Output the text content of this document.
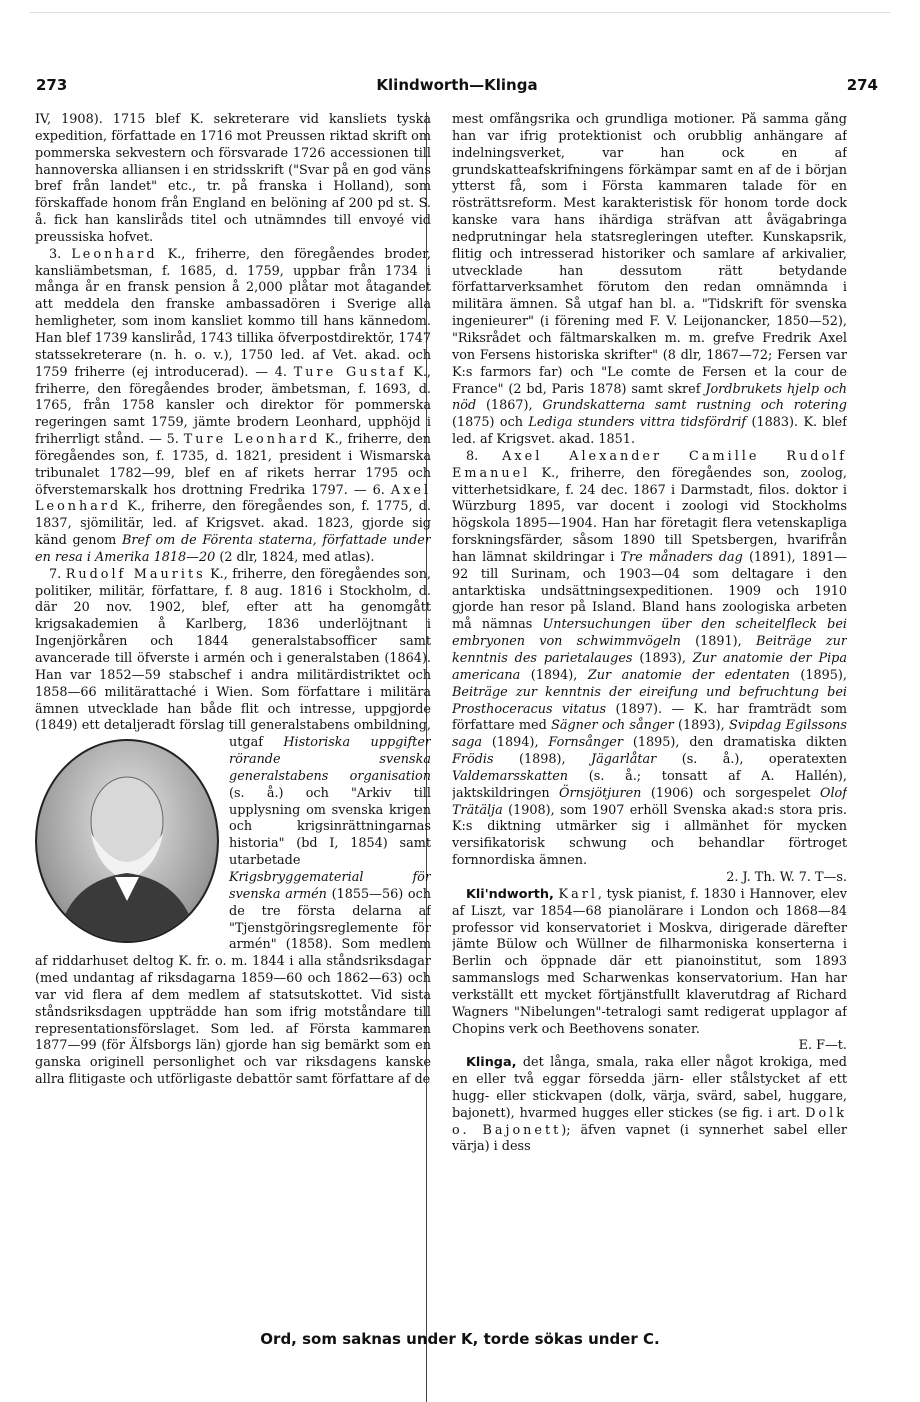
273	Klindworth—Klinga	274

IV, 1908). 1715 blef K. sekreterare vid kansliets tyska expedition, författade en 1716 mot Preussen riktad skrift om pommerska sekvestern och försvarade 1726 accessionen till hannoverska alliansen i en stridsskrift ("Svar på en god väns bref från landet" etc., tr. på franska i Holland), som förskaffade honom från England en belöning af 200 pd st. S. å. fick han kansliråds titel och utnämndes till envoyé vid preussiska hofvet.

3. Leonhard K., friherre, den föregåendes broder, kansliämbetsman, f. 1685, d. 1759, uppbar från 1734 i många år en fransk pension å 2,000 plåtar mot åtagandet att meddela den franske ambassadören i Sverige alla hemligheter, som inom kansliet kommo till hans kännedom. Han blef 1739 kansliråd, 1743 tillika öfverpostdirektör, 1747 statssekreterare (n. h. o. v.), 1750 led. af Vet. akad. och 1759 friherre (ej introducerad). — 4. Ture Gustaf K., friherre, den föregåendes broder, ämbetsman, f. 1693, d. 1765, från 1758 kansler och direktor för pommerska regeringen samt 1759, jämte brodern Leonhard, upphöjd i friherrligt stånd. — 5. Ture Leonhard K., friherre, den föregåendes son, f. 1735, d. 1821, president i Wismarska tribunalet 1782—99, blef en af rikets herrar 1795 och öfverstemarskalk hos drottning Fredrika 1797. — 6. Axel Leonhard K., friherre, den föregåendes son, f. 1775, d. 1837, sjömilitär, led. af Krigsvet. akad. 1823, gjorde sig känd genom Bref om de Förenta staterna, författade under en resa i Amerika 1818—20 (2 dlr, 1824, med atlas).

7. Rudolf Maurits K., friherre, den föregåendes son, politiker, militär, författare, f. 8 aug. 1816 i Stockholm, d. där 20 nov. 1902, blef, efter att ha genomgått krigsakademien å Karlberg, 1836 underlöjtnant i Ingenjörkåren och 1844 generalstabsofficer samt avancerade till öfverste i armén och i generalstaben (1864). Han var 1852—59 stabschef i andra militärdistriktet och 1858—66 militärattaché i Wien. Som författare i militära ämnen utvecklade han både flit och intresse, uppgjorde (1849) ett detaljeradt förslag till generalstabens ombildning, utgaf
Historiska uppgifter rörande svenska generalstabens organisation (s. å.) och "Arkiv till upplysning om svenska krigen och krigsinrättningarnas historia" (bd I, 1854) samt utarbetade Krigsbryggematerial för svenska armén (1855—56) och de tre första delarna af "Tjenstgöringsreglemente för armén" (1858). Som medlem af riddarhuset deltog K. fr. o. m. 1844 i alla ståndsriksdagar (med undantag af riksdagarna 1859—60 och 1862—63) och var vid flera af dem medlem af statsutskottet. Vid sista ståndsriksdagen uppträdde han som ifrig motståndare till representationsförslaget. Som led. af Första kammaren 1877—99 (för Älfsborgs län) gjorde han sig bemärkt som en ganska originell personlighet och var riksdagens kanske allra flitigaste och utförligaste debattör samt författare af de

mest omfångsrika och grundliga motioner. På samma gång han var ifrig protektionist och orubblig anhängare af indelningsverket, var han ock en af grundskatteafskrifningens förkämpar samt en af de i början ytterst få, som i Första kammaren talade för en rösträttsreform. Mest karakteristisk för honom torde dock kanske vara hans ihärdiga sträfvan att åvägabringa nedprutningar hela statsregleringen utefter. Kunskapsrik, flitig och intresserad historiker och samlare af arkivalier, utvecklade han dessutom rätt betydande författarverksamhet förutom den redan omnämnda i militära ämnen. Så utgaf han bl. a. "Tidskrift för svenska ingenieurer" (i förening med F. V. Leijonancker, 1850—52), "Riksrådet och fältmarskalken m. m. grefve Fredrik Axel von Fersens historiska skrifter" (8 dlr, 1867—72; Fersen var K:s farmors far) och "Le comte de Fersen et la cour de France" (2 bd, Paris 1878) samt skref Jordbrukets hjelp och nöd (1867), Grundskatterna samt rustning och rotering (1875) och Lediga stunders vittra tidsfördrif (1883). K. blef led. af Krigsvet. akad. 1851.

8. Axel Alexander Camille Rudolf Emanuel K., friherre, den föregåendes son, zoolog, vitterhetsidkare, f. 24 dec. 1867 i Darmstadt, filos. doktor i Würzburg 1895, var docent i zoologi vid Stockholms högskola 1895—1904. Han har företagit flera vetenskapliga forskningsfärder, såsom 1890 till Spetsbergen, hvarifrån han lämnat skildringar i Tre månaders dag (1891), 1891—92 till Surinam, och 1903—04 som deltagare i den antarktiska undsättningsexpeditionen. 1909 och 1910 gjorde han resor på Island. Bland hans zoologiska arbeten må nämnas Untersuchungen über den scheitelfleck bei embryonen von schwimmvögeln (1891), Beiträge zur kenntnis des parietalauges (1893), Zur anatomie der Pipa americana (1894), Zur anatomie der edentaten (1895), Beiträge zur kenntnis der eireifung und befruchtung bei Prosthoceracus vitatus (1897). — K. har framträdt som författare med Sägner och sånger (1893), Svipdag Egilssons saga (1894), Fornsånger (1895), den dramatiska dikten Frödis (1898), Jägarlåtar (s. å.), operatexten Valdemarsskatten (s. å.; tonsatt af A. Hallén), jaktskildringen Örnsjötjuren (1906) och sorgespelet Olof Trätälja (1908), som 1907 erhöll Svenska akad:s stora pris. K:s diktning utmärker sig i allmänhet för mycken versifikatorisk schwung och behandlar förtroget fornnordiska ämnen.
2. J. Th. W. 7. T—s.

Kli'ndworth, Karl, tysk pianist, f. 1830 i Hannover, elev af Liszt, var 1854—68 pianolärare i London och 1868—84 professor vid konservatoriet i Moskva, dirigerade därefter jämte Bülow och Wüllner de filharmoniska konserterna i Berlin och öppnade där ett pianoinstitut, som 1893 sammanslogs med Scharwenkas konservatorium. Han har verkställt ett mycket förtjänstfullt klaverutdrag af Richard Wagners "Nibelungen"-tetralogi samt redigerat upplagor af Chopins verk och Beethovens sonater.
E. F—t.

Klinga, det långa, smala, raka eller något krokiga, med en eller två eggar försedda järn- eller stålstycket af ett hugg- eller stickvapen (dolk, värja, svärd, sabel, huggare, bajonett), hvarmed hugges eller stickes (se fig. i art. Dolk o. Bajonett); äfven vapnet (i synnerhet sabel eller värja) i dess

Ord, som saknas under K, torde sökas under C.
